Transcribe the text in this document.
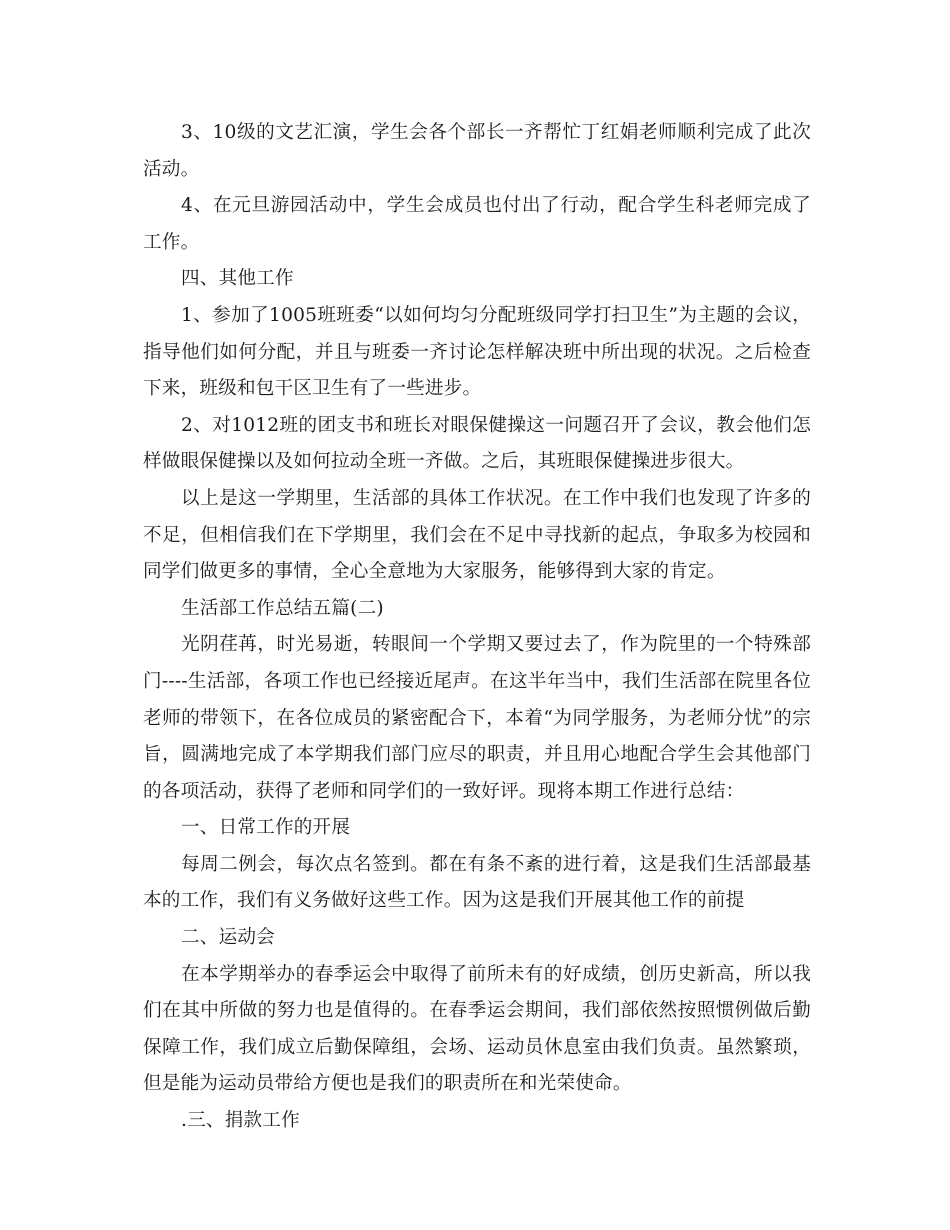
3、10级的文艺汇演，学生会各个部长一齐帮忙丁红娟老师顺利完成了此次活动。

4、在元旦游园活动中，学生会成员也付出了行动，配合学生科老师完成了工作。

四、其他工作

1、参加了1005班班委“以如何均匀分配班级同学打扫卫生”为主题的会议，指导他们如何分配，并且与班委一齐讨论怎样解决班中所出现的状况。之后检查下来，班级和包干区卫生有了一些进步。

2、对1012班的团支书和班长对眼保健操这一问题召开了会议，教会他们怎样做眼保健操以及如何拉动全班一齐做。之后，其班眼保健操进步很大。

以上是这一学期里，生活部的具体工作状况。在工作中我们也发现了许多的不足，但相信我们在下学期里，我们会在不足中寻找新的起点，争取多为校园和同学们做更多的事情，全心全意地为大家服务，能够得到大家的肯定。

生活部工作总结五篇(二)

光阴荏苒，时光易逝，转眼间一个学期又要过去了，作为院里的一个特殊部门----生活部，各项工作也已经接近尾声。在这半年当中，我们生活部在院里各位老师的带领下，在各位成员的紧密配合下，本着“为同学服务，为老师分忧”的宗旨，圆满地完成了本学期我们部门应尽的职责，并且用心地配合学生会其他部门的各项活动，获得了老师和同学们的一致好评。现将本期工作进行总结：

一、日常工作的开展

每周二例会，每次点名签到。都在有条不紊的进行着，这是我们生活部最基本的工作，我们有义务做好这些工作。因为这是我们开展其他工作的前提

二、运动会

在本学期举办的春季运会中取得了前所未有的好成绩，创历史新高，所以我们在其中所做的努力也是值得的。在春季运会期间，我们部依然按照惯例做后勤保障工作，我们成立后勤保障组，会场、运动员休息室由我们负责。虽然繁琐，但是能为运动员带给方便也是我们的职责所在和光荣使命。

.三、捐款工作
